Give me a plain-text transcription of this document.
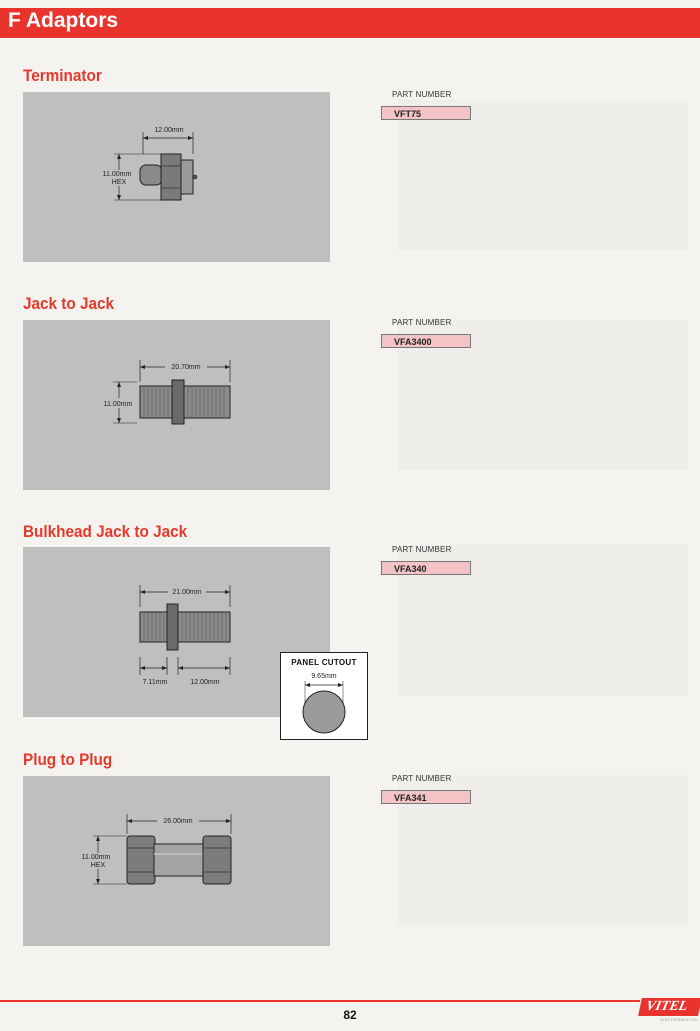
F Adaptors
Terminator
12.00mm
11.00mm
HEX
PART NUMBER
VFT75
Jack to Jack
20.70mm
11.00mm
PART NUMBER
VFA3400
Bulkhead Jack to Jack
21.00mm
7.11mm	12.00mm
PANEL CUTOUT
9.65mm
PART NUMBER
VFA340
Plug to Plug
26.00mm
11.00mm
HEX
PART NUMBER
VFA341
82
VITEL
ELECTRONICS LTD
